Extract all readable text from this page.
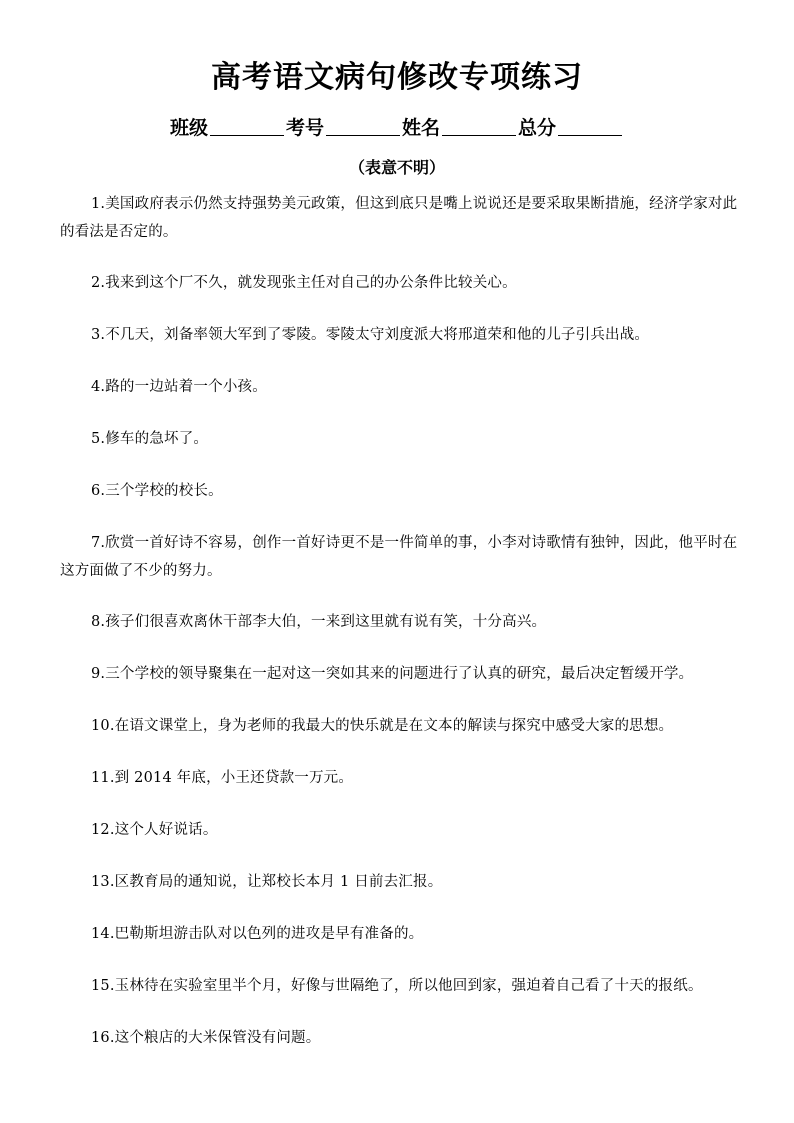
高考语文病句修改专项练习
班级	考号	姓名	总分
（表意不明）

1.美国政府表示仍然支持强势美元政策，但这到底只是嘴上说说还是要采取果断措施，经济学家对此的看法是否定的。

2.我来到这个厂不久，就发现张主任对自己的办公条件比较关心。

3.不几天，刘备率领大军到了零陵。零陵太守刘度派大将邢道荣和他的儿子引兵出战。

4.路的一边站着一个小孩。

5.修车的急坏了。

6.三个学校的校长。

7.欣赏一首好诗不容易，创作一首好诗更不是一件简单的事，小李对诗歌情有独钟，因此，他平时在这方面做了不少的努力。

8.孩子们很喜欢离休干部李大伯，一来到这里就有说有笑，十分高兴。

9.三个学校的领导聚集在一起对这一突如其来的问题进行了认真的研究，最后决定暂缓开学。

10.在语文课堂上，身为老师的我最大的快乐就是在文本的解读与探究中感受大家的思想。

11.到 2014 年底，小王还贷款一万元。

12.这个人好说话。

13.区教育局的通知说，让郑校长本月 1 日前去汇报。

14.巴勒斯坦游击队对以色列的进攻是早有准备的。

15.玉林待在实验室里半个月，好像与世隔绝了，所以他回到家，强迫着自己看了十天的报纸。

16.这个粮店的大米保管没有问题。
